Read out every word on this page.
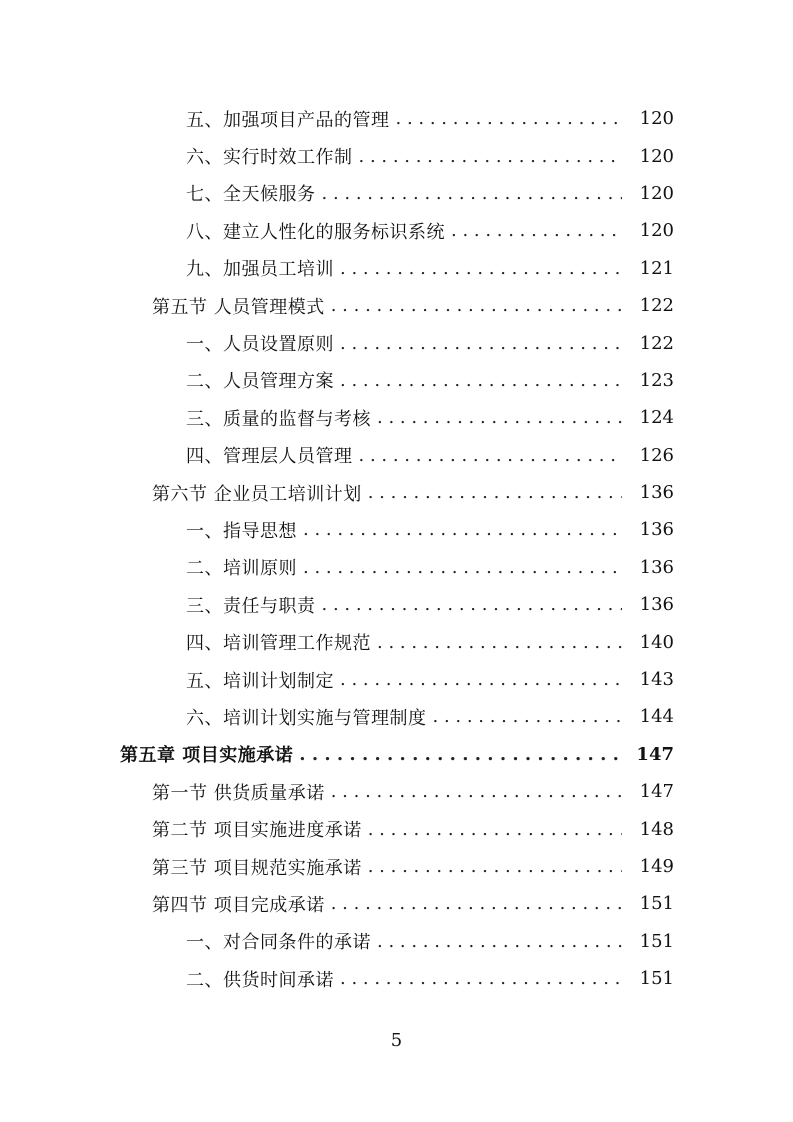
五、加强项目产品的管理 . . .	120
六、实行时效工作制 . . .	120
七、全天候服务 . . .	120
八、建立人性化的服务标识系统 . . .	120
九、加强员工培训 . . .	121
第五节 人员管理模式 . . .	122
一、人员设置原则 . . .	122
二、人员管理方案 . . .	123
三、质量的监督与考核 . . .	124
四、管理层人员管理 . . .	126
第六节 企业员工培训计划 . . .	136
一、指导思想 . . .	136
二、培训原则 . . .	136
三、责任与职责 . . .	136
四、培训管理工作规范 . . .	140
五、培训计划制定 . . .	143
六、培训计划实施与管理制度 . . .	144
第五章 项目实施承诺 . . .	147
第一节 供货质量承诺 . . .	147
第二节 项目实施进度承诺 . . .	148
第三节 项目规范实施承诺 . . .	149
第四节 项目完成承诺 . . .	151
一、对合同条件的承诺 . . .	151
二、供货时间承诺 . . .	151
5
